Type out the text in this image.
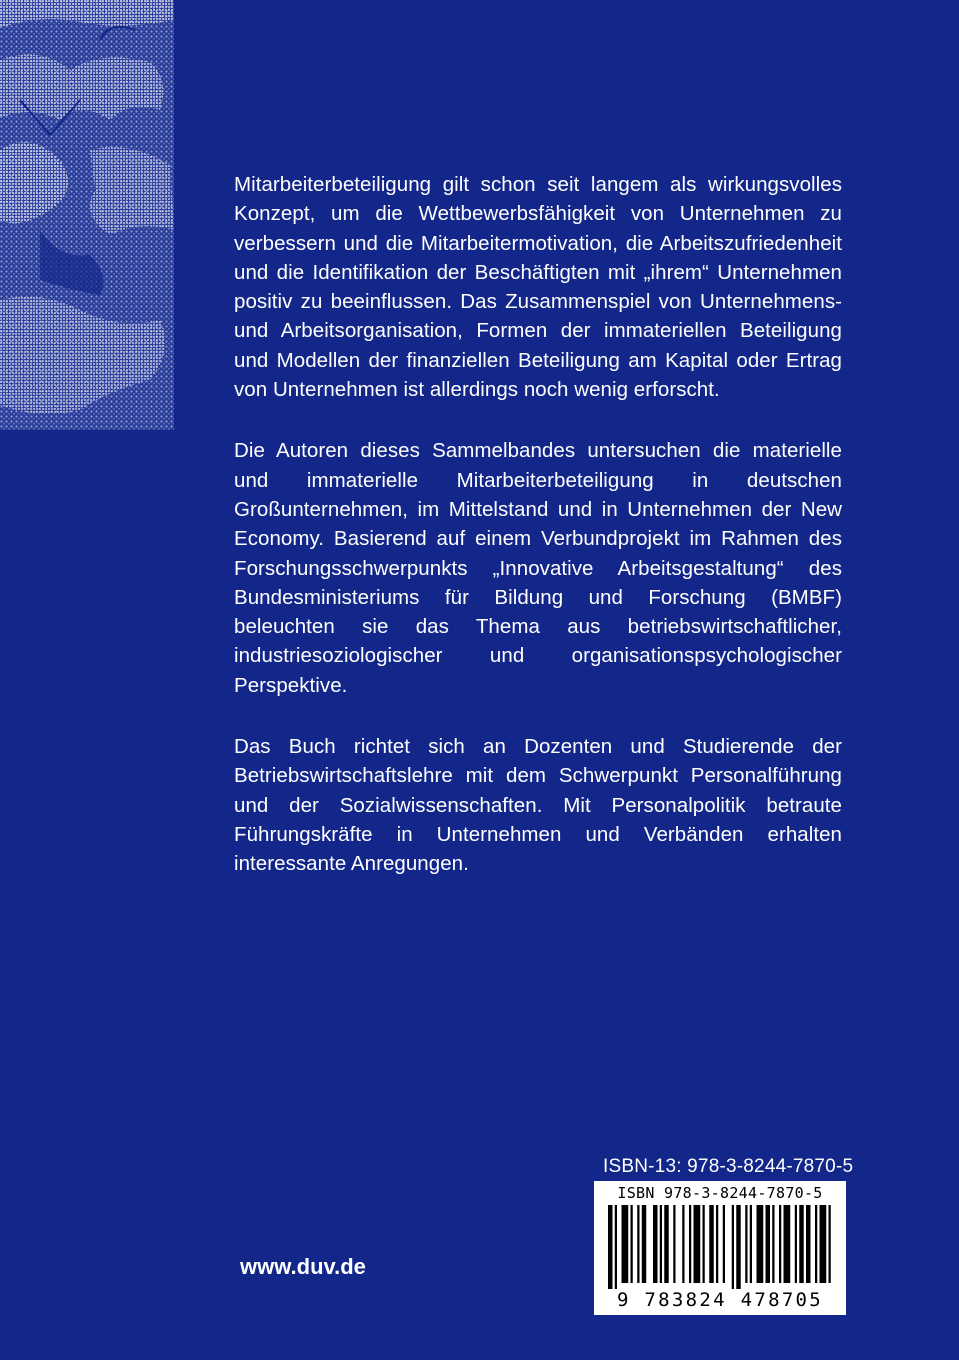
Mitarbeiterbeteiligung gilt schon seit langem als wirkungsvolles Konzept, um die Wettbewerbsfähigkeit von Unternehmen zu verbessern und die Mitarbeitermotivation, die Arbeitszufriedenheit und die Identifikation der Beschäftigten mit „ihrem“ Unternehmen positiv zu beeinflussen. Das Zusammenspiel von Unternehmens- und Arbeitsorganisation, Formen der immateriellen Beteiligung und Modellen der finanziellen Beteiligung am Kapital oder Ertrag von Unternehmen ist allerdings noch wenig erforscht.

Die Autoren dieses Sammelbandes untersuchen die materielle und immaterielle Mitarbeiterbeteiligung in deutschen Großunternehmen, im Mittelstand und in Unternehmen der New Economy. Basierend auf einem Verbundprojekt im Rahmen des Forschungsschwerpunkts „Innovative Arbeitsgestaltung“ des Bundesministeriums für Bildung und Forschung (BMBF) beleuchten sie das Thema aus betriebswirtschaftlicher, industriesoziologischer und organisationspsychologischer Perspektive.

Das Buch richtet sich an Dozenten und Studierende der Betriebswirtschaftslehre mit dem Schwerpunkt Personalführung und der Sozialwissenschaften. Mit Personalpolitik betraute Führungskräfte in Unternehmen und Verbänden erhalten interessante Anregungen.

ISBN-13: 978-3-8244-7870-5
ISBN 978-3-8244-7870-5
9 783824 478705
www.duv.de
